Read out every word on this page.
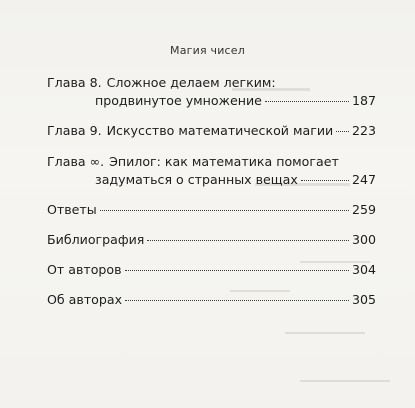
Магия чисел
Глава 8. Сложное делаем легким:
продвинутое умножение	187
Глава 9. Искусство математической магии 223
Глава ∞. Эпилог: как математика помогает
задуматься о странных вещах	247
Ответы	259
Библиография	300
От авторов	304
Об авторах	305
